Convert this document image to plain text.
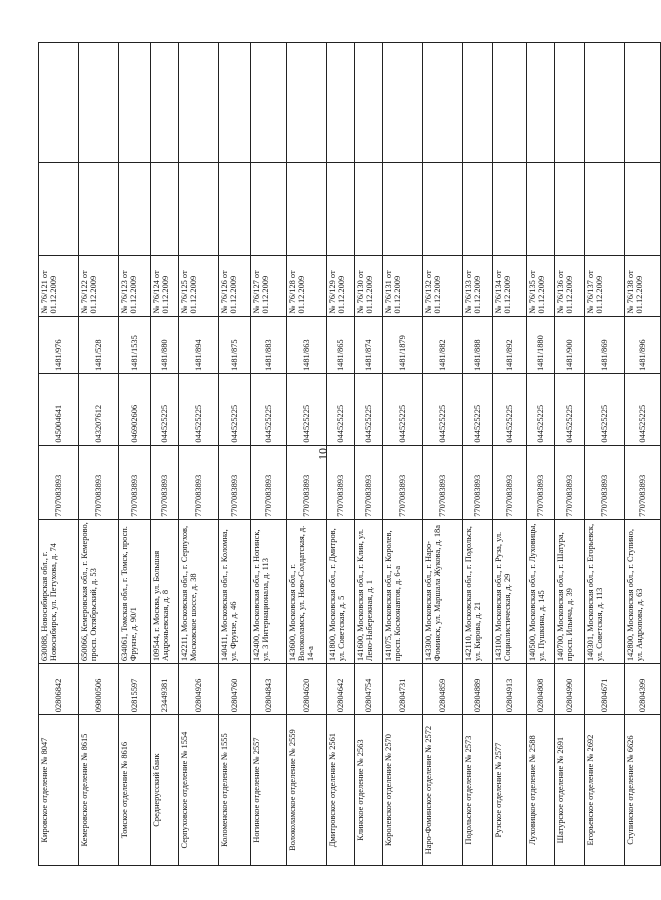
10
Кировское отделение № 8047	02806842	630088, Новосибирская обл., г. Новосибирск, ул. Петухова, д. 74	7707083893	045004641	1481/976	№ 76/121 от 01.12.2009		
Кемеровское отделение № 8615	09800506	650066, Кемеровская обл., г. Кемерово, просп. Октябрьский, д. 53	7707083893	043207612	1481/528	№ 76/122 от 01.12.2009		
Томское отделение № 8616	02815597	634061, Томская обл., г. Томск, просп. Фрунзе, д. 90/1	7707083893	046902606	1481/1535	№ 76/123 от 01.12.2009		
Среднерусский банк	23449381	109544, г. Москва, ул. Большая Андроньевская, д. 8	7707083893	044525225	1481/880	№ 76/124 от 01.12.2009		
Серпуховское отделение № 1554	02804926	142211, Московская обл., г. Серпухов, Московское шоссе, д. 38	7707083893	044525225	1481/894	№ 76/125 от 01.12.2009		
Коломенское отделение № 1555	02804760	140411, Московская обл., г. Коломна, ул. Фрунзе, д. 46	7707083893	044525225	1481/875	№ 76/126 от 01.12.2009		
Ногинское отделение № 2557	02804843	142400, Московская обл., г. Ногинск, ул. 3 Интернационала, д. 113	7707083893	044525225	1481/883	№ 76/127 от 01.12.2009		
Волоколамское отделение № 2559	02804620	143600, Московская обл., г. Волоколамск, ул. Ново-Солдатская, д. 14-а	7707083893	044525225	1481/863	№ 76/128 от 01.12.2009		
Дмитровское отделение № 2561	02804642	141800, Московская обл., г. Дмитров, ул. Советская, д. 5	7707083893	044525225	1481/865	№ 76/129 от 01.12.2009		
Клинское отделение № 2563	02804754	141600, Московская обл., г. Клин, ул. Лено-Набережная, д. 1	7707083893	044525225	1481/874	№ 76/130 от 01.12.2009		
Королевское отделение № 2570	02804731	141075, Московская обл., г. Королев, просп. Космонавтов, д. 6-а	7707083893	044525225	1481/1879	№ 76/131 от 01.12.2009		
Наро-Фоминское отделение № 2572	02804859	143300, Московская обл., г. Наро-Фоминск, ул. Маршала Жукова, д. 18а	7707083893	044525225	1481/882	№ 76/132 от 01.12.2009		
Подольское отделение № 2573	02804889	142110, Московская обл., г. Подольск, ул. Кирова, д. 21	7707083893	044525225	1481/888	№ 76/133 от 01.12.2009		
Рузское отделение № 2577	02804913	143100, Московская обл., г. Руза, ул. Социалистическая, д. 29	7707083893	044525225	1481/892	№ 76/134 от 01.12.2009		
Луховицкое отделение № 2588	02804808	140500, Московская обл., г. Луховицы, ул. Пушкина, д. 145	7707083893	044525225	1481/1880	№ 76/135 от 01.12.2009		
Шатурское отделение № 2691	02804990	140700, Московская обл., г. Шатура, просп. Ильича, д. 39	7707083893	044525225	1481/900	№ 76/136 от 01.12.2009		
Егорьевское отделение № 2692	02804671	140301, Московская обл., г. Егорьевск, ул. Советская, д. 113	7707083893	044525225	1481/869	№ 76/137 от 01.12.2009		
Ступинское отделение № 6626	02804399	142800, Московская обл., г. Ступино, ул. Андропова, д. 63	7707083893	044525225	1481/896	№ 76/138 от 01.12.2009		
